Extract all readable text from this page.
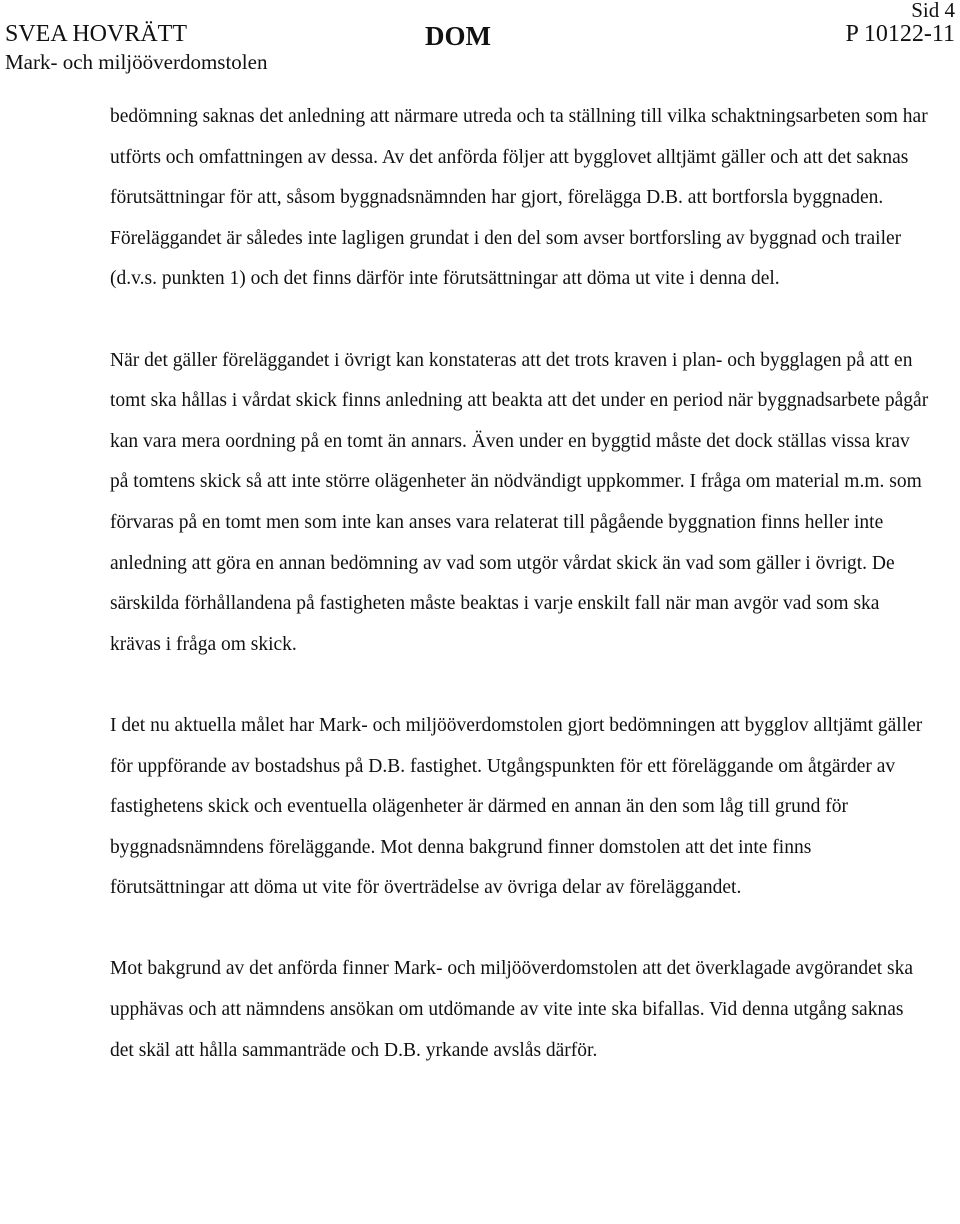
SVEA HOVRÄTT
Mark- och miljööverdomstolen
DOM
Sid 4
P 10122-11

bedömning saknas det anledning att närmare utreda och ta ställning till vilka schaktningsarbeten som har utförts och omfattningen av dessa. Av det anförda följer att bygglovet alltjämt gäller och att det saknas förutsättningar för att, såsom byggnadsnämnden har gjort, förelägga D.B. att bortforsla byggnaden. Föreläggandet är således inte lagligen grundat i den del som avser bortforsling av byggnad och trailer (d.v.s. punkten 1) och det finns därför inte förutsättningar att döma ut vite i denna del.

När det gäller föreläggandet i övrigt kan konstateras att det trots kraven i plan- och bygglagen på att en tomt ska hållas i vårdat skick finns anledning att beakta att det under en period när byggnadsarbete pågår kan vara mera oordning på en tomt än annars. Även under en byggtid måste det dock ställas vissa krav på tomtens skick så att inte större olägenheter än nödvändigt uppkommer. I fråga om material m.m. som förvaras på en tomt men som inte kan anses vara relaterat till pågående byggnation finns heller inte anledning att göra en annan bedömning av vad som utgör vårdat skick än vad som gäller i övrigt. De särskilda förhållandena på fastigheten måste beaktas i varje enskilt fall när man avgör vad som ska krävas i fråga om skick.

I det nu aktuella målet har Mark- och miljööverdomstolen gjort bedömningen att bygglov alltjämt gäller för uppförande av bostadshus på D.B. fastighet. Utgångspunkten för ett föreläggande om åtgärder av fastighetens skick och eventuella olägenheter är därmed en annan än den som låg till grund för byggnadsnämndens föreläggande. Mot denna bakgrund finner domstolen att det inte finns förutsättningar att döma ut vite för överträdelse av övriga delar av föreläggandet.

Mot bakgrund av det anförda finner Mark- och miljööverdomstolen att det överklagade avgörandet ska upphävas och att nämndens ansökan om utdömande av vite inte ska bifallas. Vid denna utgång saknas det skäl att hålla sammanträde och D.B. yrkande avslås därför.
